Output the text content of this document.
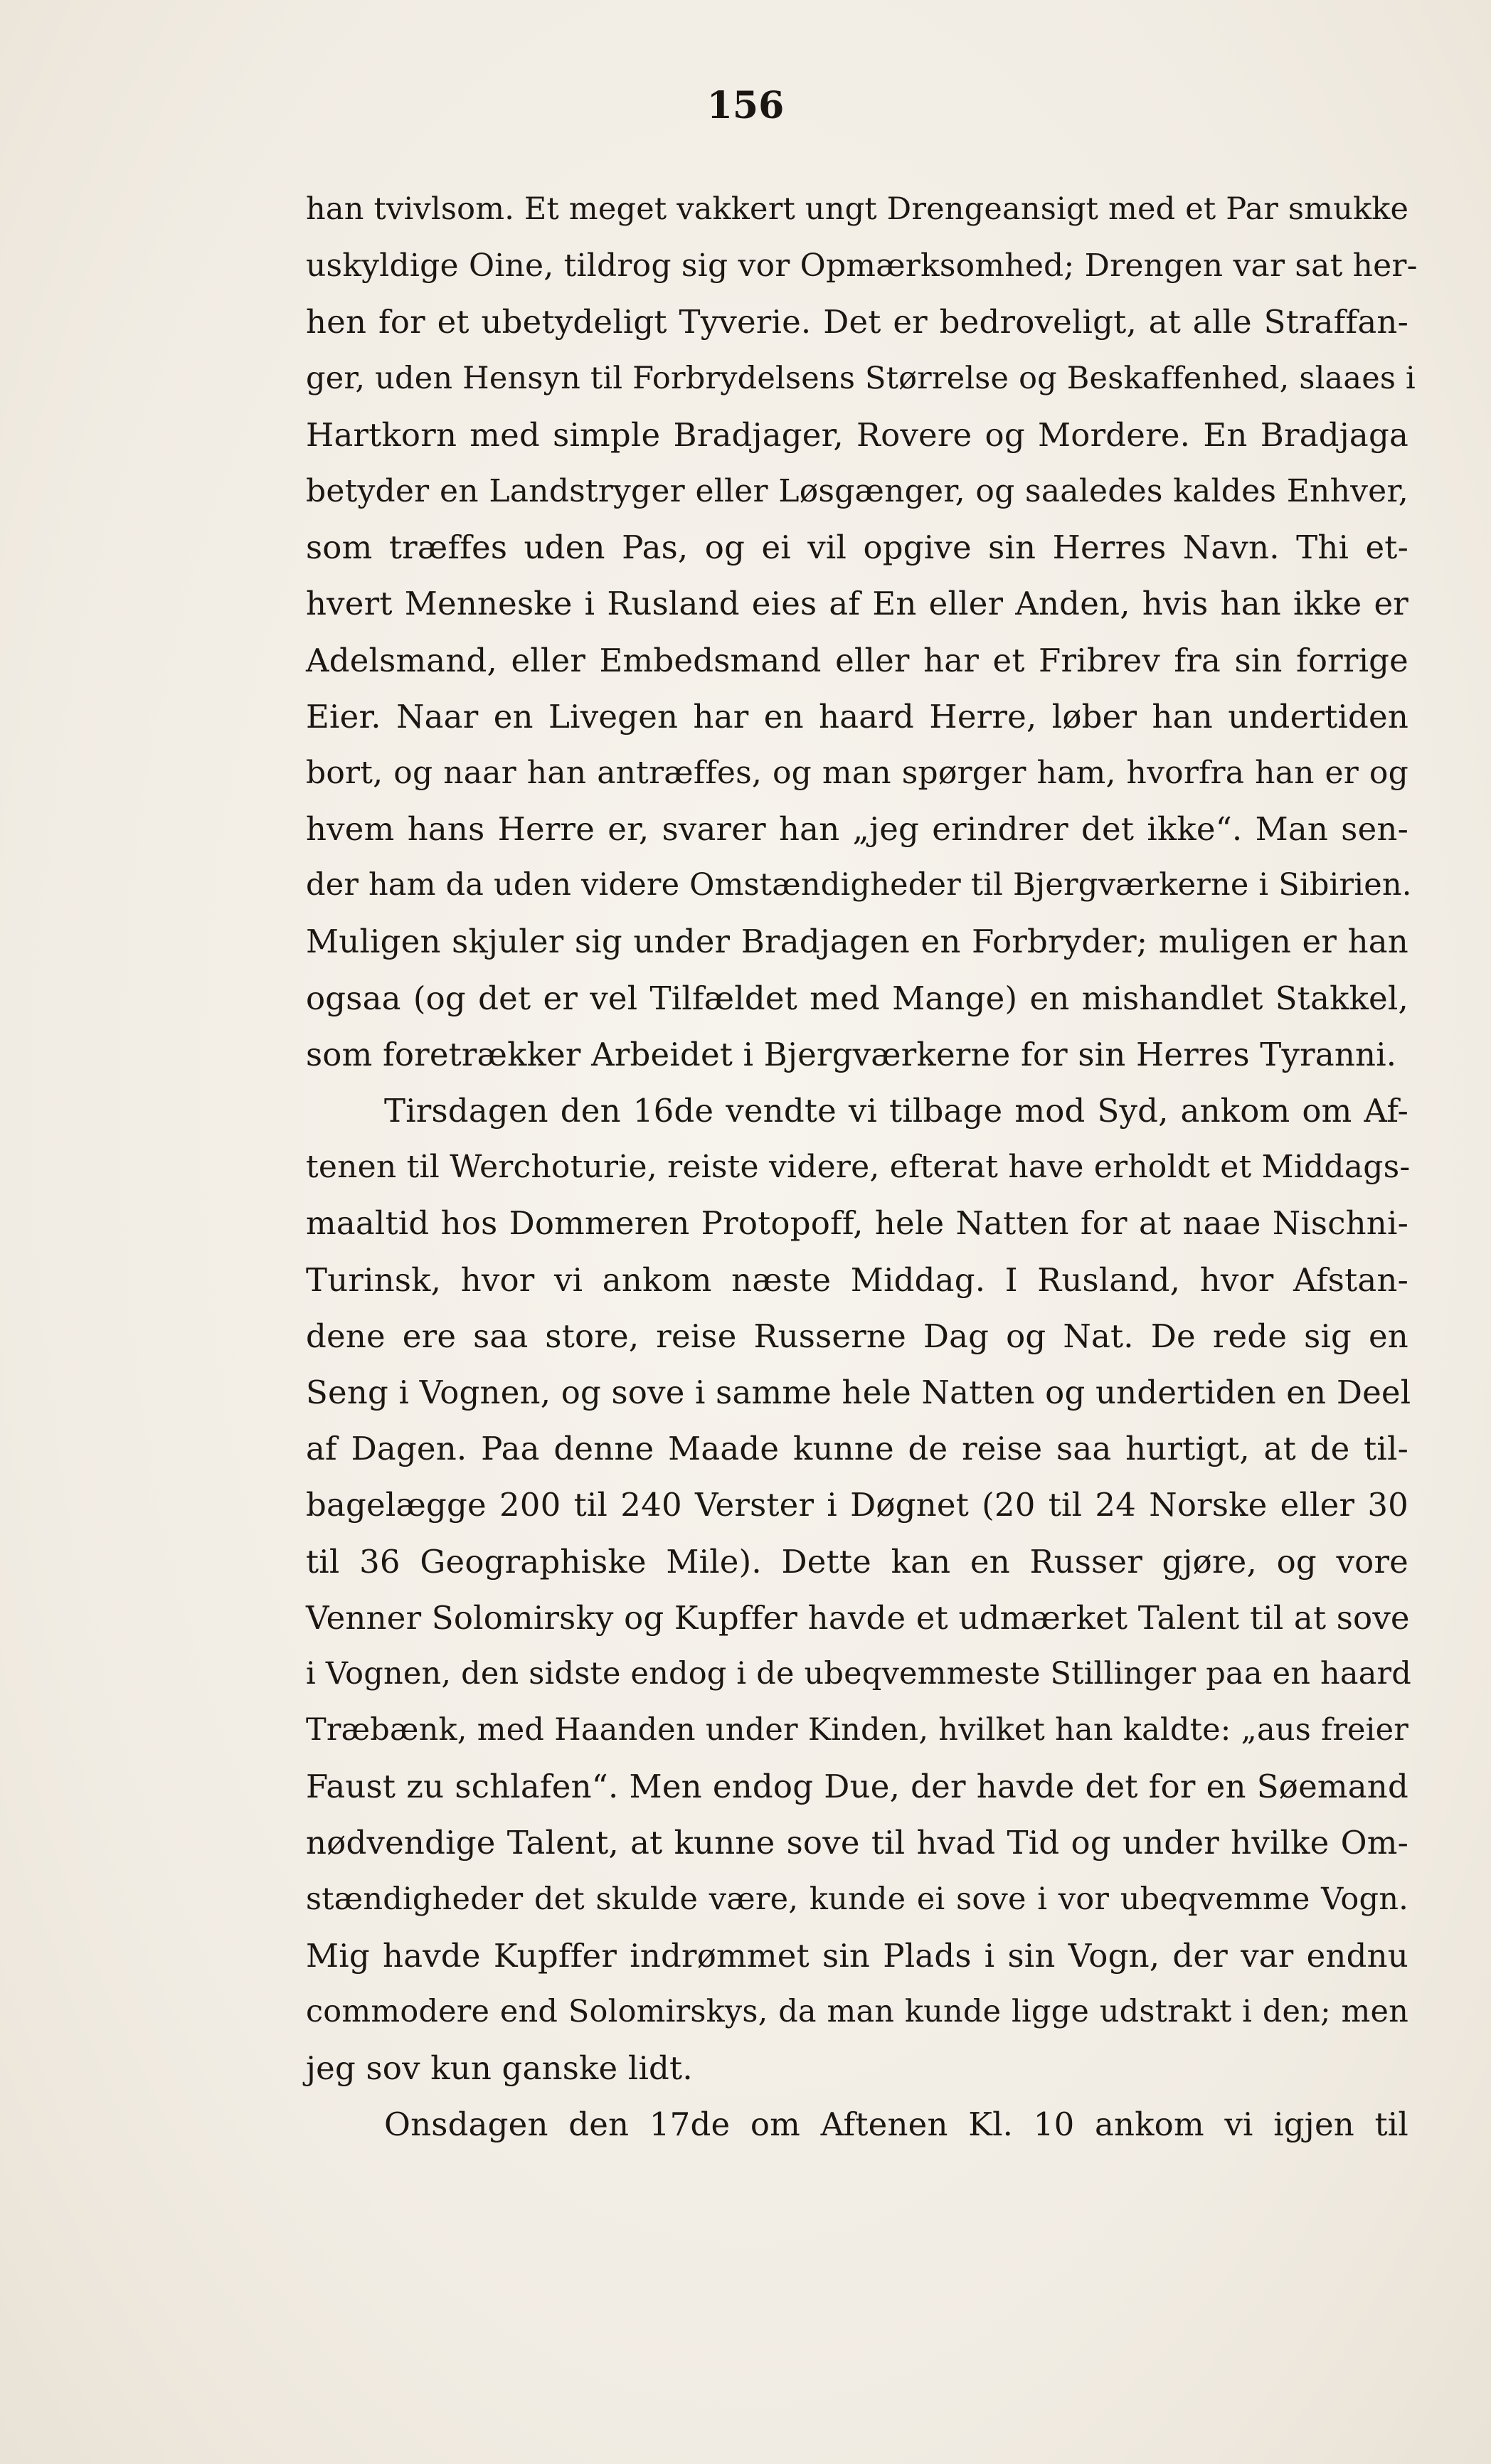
156
han tvivlsom. Et meget vakkert ungt Drengeansigt med et Par smukke
uskyldige Oine, tildrog sig vor Opmærksomhed; Drengen var sat her-
hen for et ubetydeligt Tyverie. Det er bedroveligt, at alle Straffan-
ger, uden Hensyn til Forbrydelsens Størrelse og Beskaffenhed, slaaes i
Hartkorn med simple Bradjager, Rovere og Mordere. En Bradjaga
betyder en Landstryger eller Løsgænger, og saaledes kaldes Enhver,
som træffes uden Pas, og ei vil opgive sin Herres Navn. Thi et-
hvert Menneske i Rusland eies af En eller Anden, hvis han ikke er
Adelsmand, eller Embedsmand eller har et Fribrev fra sin forrige
Eier. Naar en Livegen har en haard Herre, løber han undertiden
bort, og naar han antræffes, og man spørger ham, hvorfra han er og
hvem hans Herre er, svarer han „jeg erindrer det ikke“. Man sen-
der ham da uden videre Omstændigheder til Bjergværkerne i Sibirien.
Muligen skjuler sig under Bradjagen en Forbryder; muligen er han
ogsaa (og det er vel Tilfældet med Mange) en mishandlet Stakkel,
som foretrækker Arbeidet i Bjergværkerne for sin Herres Tyranni.
Tirsdagen den 16de vendte vi tilbage mod Syd, ankom om Af-
tenen til Werchoturie, reiste videre, efterat have erholdt et Middags-
maaltid hos Dommeren Protopoff, hele Natten for at naae Nischni-
Turinsk, hvor vi ankom næste Middag. I Rusland, hvor Afstan-
dene ere saa store, reise Russerne Dag og Nat. De rede sig en
Seng i Vognen, og sove i samme hele Natten og undertiden en Deel
af Dagen. Paa denne Maade kunne de reise saa hurtigt, at de til-
bagelægge 200 til 240 Verster i Døgnet (20 til 24 Norske eller 30
til 36 Geographiske Mile). Dette kan en Russer gjøre, og vore
Venner Solomirsky og Kupffer havde et udmærket Talent til at sove
i Vognen, den sidste endog i de ubeqvemmeste Stillinger paa en haard
Træbænk, med Haanden under Kinden, hvilket han kaldte: „aus freier
Faust zu schlafen“. Men endog Due, der havde det for en Søemand
nødvendige Talent, at kunne sove til hvad Tid og under hvilke Om-
stændigheder det skulde være, kunde ei sove i vor ubeqvemme Vogn.
Mig havde Kupffer indrømmet sin Plads i sin Vogn, der var endnu
commodere end Solomirskys, da man kunde ligge udstrakt i den; men
jeg sov kun ganske lidt.
Onsdagen den 17de om Aftenen Kl. 10 ankom vi igjen til
